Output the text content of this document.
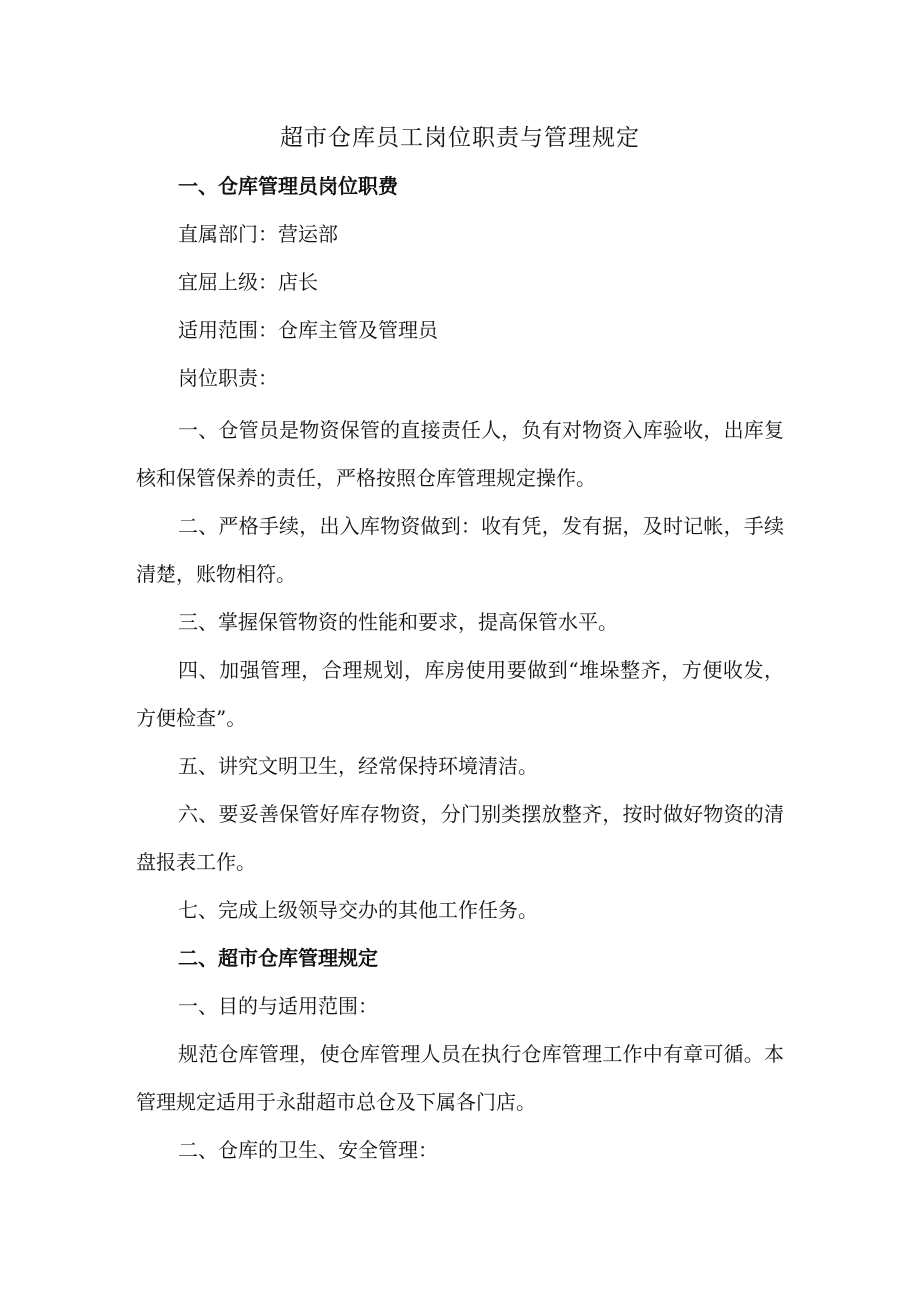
超市仓库员工岗位职责与管理规定
一、仓库管理员岗位职费
直属部门：营运部
宜屈上级：店长
适用范围：仓库主管及管理员
岗位职责：

一、仓管员是物资保管的直接责任人，负有对物资入库验收，出库复核和保管保养的责任，严格按照仓库管理规定操作。

二、严格手续，出入库物资做到：收有凭，发有据，及时记帐，手续清楚，账物相符。

三、掌握保管物资的性能和要求，提高保管水平。

四、加强管理，合理规划，库房使用要做到“堆垛整齐，方便收发，方便检查”。

五、讲究文明卫生，经常保持环境清洁。

六、要妥善保管好库存物资，分门别类摆放整齐，按时做好物资的清盘报表工作。

七、完成上级领导交办的其他工作任务。

二、超市仓库管理规定
一、目的与适用范围：

规范仓库管理，使仓库管理人员在执行仓库管理工作中有章可循。本管理规定适用于永甜超市总仓及下属各门店。

二、仓库的卫生、安全管理：
